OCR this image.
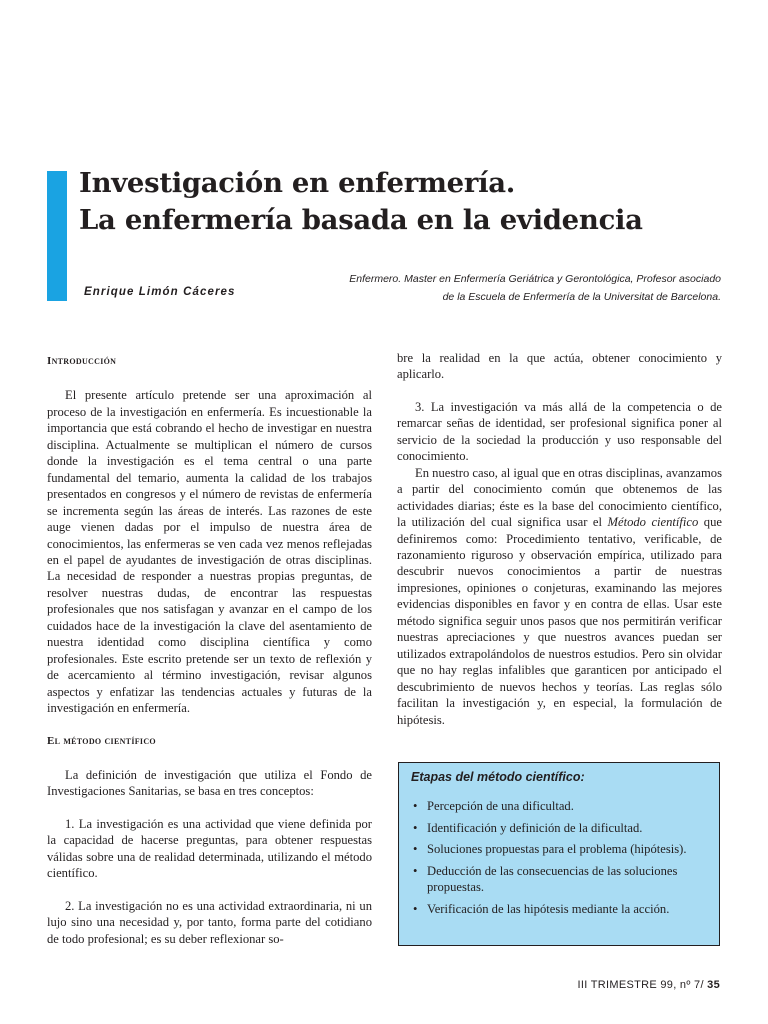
Investigación en enfermería.
La enfermería basada en la evidencia
Enfermero. Master en Enfermería Geriátrica y Gerontológica, Profesor asociado
de la Escuela de Enfermería de la Universitat de Barcelona.
Enrique Limón Cáceres
Introducción

El presente artículo pretende ser una aproximación al proceso de la investigación en enfermería. Es incuestionable la importancia que está cobrando el hecho de investigar en nuestra disciplina. Actualmente se multiplican el número de cursos donde la investigación es el tema central o una parte fundamental del temario, aumenta la calidad de los trabajos presentados en congresos y el número de revistas de enfermería se incrementa según las áreas de interés. Las razones de este auge vienen dadas por el impulso de nuestra área de conocimientos, las enfermeras se ven cada vez menos reflejadas en el papel de ayudantes de investigación de otras disciplinas. La necesidad de responder a nuestras propias preguntas, de resolver nuestras dudas, de encontrar las respuestas profesionales que nos satisfagan y avanzar en el campo de los cuidados hace de la investigación la clave del asentamiento de nuestra identidad como disciplina científica y como profesionales. Este escrito pretende ser un texto de reflexión y de acercamiento al término investigación, revisar algunos aspectos y enfatizar las tendencias actuales y futuras de la investigación en enfermería.

El método científico

La definición de investigación que utiliza el Fondo de Investigaciones Sanitarias, se basa en tres conceptos:

1. La investigación es una actividad que viene definida por la capacidad de hacerse preguntas, para obtener respuestas válidas sobre una de realidad determinada, utilizando el método científico.

2. La investigación no es una actividad extraordinaria, ni un lujo sino una necesidad y, por tanto, forma parte del cotidiano de todo profesional; es su deber reflexionar so-

bre la realidad en la que actúa, obtener conocimiento y aplicarlo.

3. La investigación va más allá de la competencia o de remarcar señas de identidad, ser profesional significa poner al servicio de la sociedad la producción y uso responsable del conocimiento.

En nuestro caso, al igual que en otras disciplinas, avanzamos a partir del conocimiento común que obtenemos de las actividades diarias; éste es la base del conocimiento científico, la utilización del cual significa usar el Método científico que definiremos como: Procedimiento tentativo, verificable, de razonamiento riguroso y observación empírica, utilizado para descubrir nuevos conocimientos a partir de nuestras impresiones, opiniones o conjeturas, examinando las mejores evidencias disponibles en favor y en contra de ellas. Usar este método significa seguir unos pasos que nos permitirán verificar nuestras apreciaciones y que nuestros avances puedan ser utilizados extrapolándolos de nuestros estudios. Pero sin olvidar que no hay reglas infalibles que garanticen por anticipado el descubrimiento de nuevos hechos y teorías. Las reglas sólo facilitan la investigación y, en especial, la formulación de hipótesis.

Etapas del método científico:
• Percepción de una dificultad.
• Identificación y definición de la dificultad.
• Soluciones propuestas para el problema (hipótesis).
• Deducción de las consecuencias de las soluciones propuestas.
• Verificación de las hipótesis mediante la acción.
III TRIMESTRE 99, nº 7/ 35
